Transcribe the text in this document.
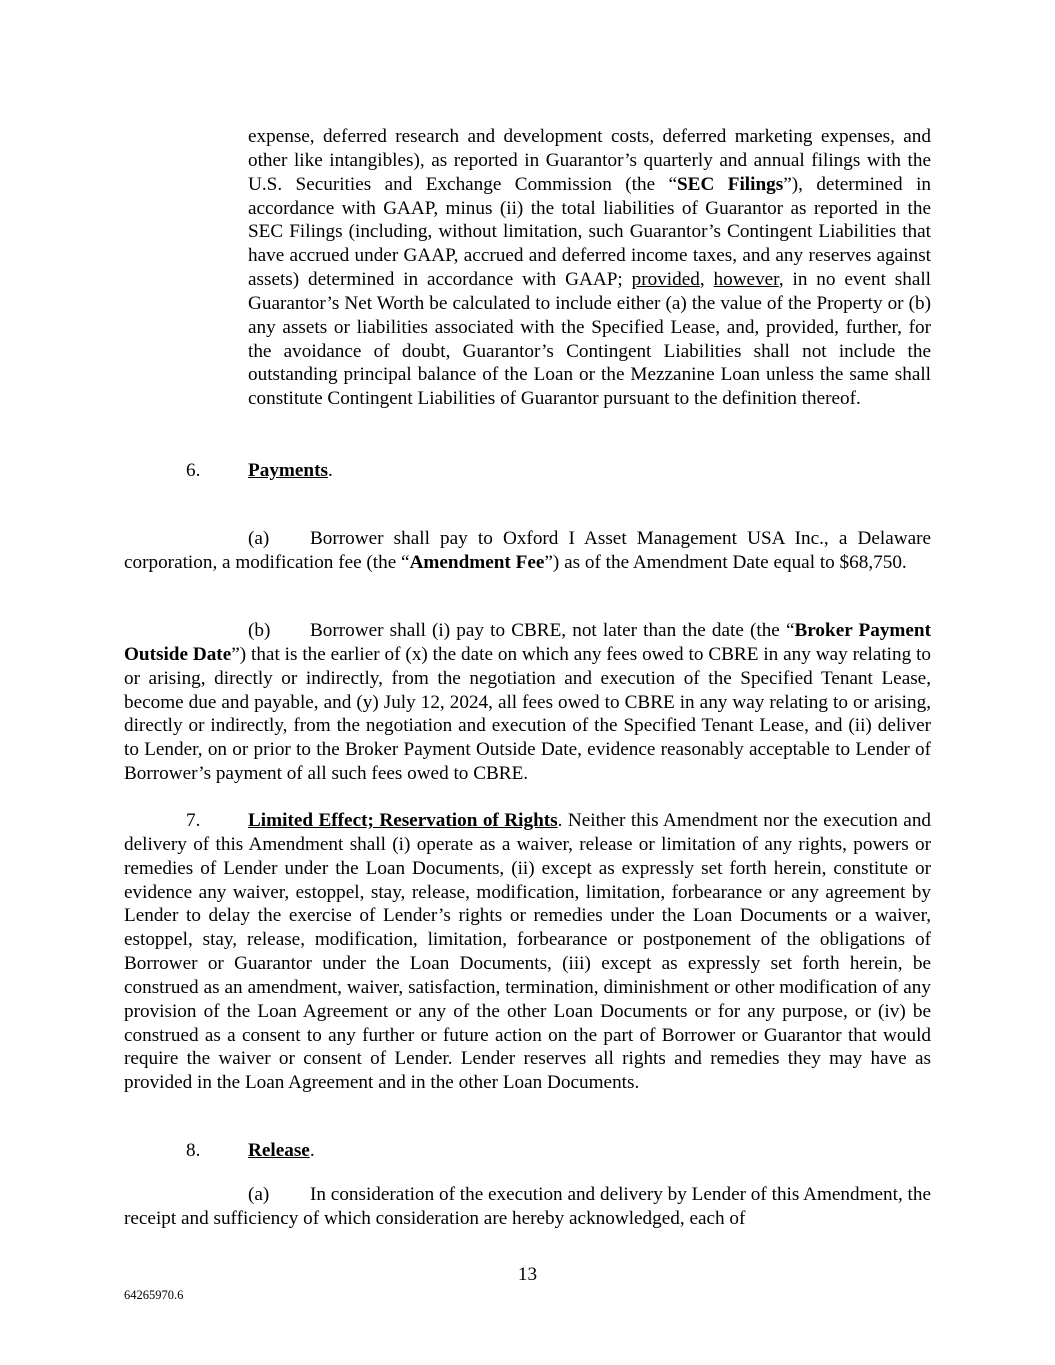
expense, deferred research and development costs, deferred marketing expenses, and other like intangibles), as reported in Guarantor’s quarterly and annual filings with the U.S. Securities and Exchange Commission (the “SEC Filings”), determined in accordance with GAAP, minus (ii) the total liabilities of Guarantor as reported in the SEC Filings (including, without limitation, such Guarantor’s Contingent Liabilities that have accrued under GAAP, accrued and deferred income taxes, and any reserves against assets) determined in accordance with GAAP; provided, however, in no event shall Guarantor’s Net Worth be calculated to include either (a) the value of the Property or (b) any assets or liabilities associated with the Specified Lease, and, provided, further, for the avoidance of doubt, Guarantor’s Contingent Liabilities shall not include the outstanding principal balance of the Loan or the Mezzanine Loan unless the same shall constitute Contingent Liabilities of Guarantor pursuant to the definition thereof.

6. Payments.

(a) Borrower shall pay to Oxford I Asset Management USA Inc., a Delaware corporation, a modification fee (the “Amendment Fee”) as of the Amendment Date equal to $68,750.

(b) Borrower shall (i) pay to CBRE, not later than the date (the “Broker Payment Outside Date”) that is the earlier of (x) the date on which any fees owed to CBRE in any way relating to or arising, directly or indirectly, from the negotiation and execution of the Specified Tenant Lease, become due and payable, and (y) July 12, 2024, all fees owed to CBRE in any way relating to or arising, directly or indirectly, from the negotiation and execution of the Specified Tenant Lease, and (ii) deliver to Lender, on or prior to the Broker Payment Outside Date, evidence reasonably acceptable to Lender of Borrower’s payment of all such fees owed to CBRE.

7. Limited Effect; Reservation of Rights. Neither this Amendment nor the execution and delivery of this Amendment shall (i) operate as a waiver, release or limitation of any rights, powers or remedies of Lender under the Loan Documents, (ii) except as expressly set forth herein, constitute or evidence any waiver, estoppel, stay, release, modification, limitation, forbearance or any agreement by Lender to delay the exercise of Lender’s rights or remedies under the Loan Documents or a waiver, estoppel, stay, release, modification, limitation, forbearance or postponement of the obligations of Borrower or Guarantor under the Loan Documents, (iii) except as expressly set forth herein, be construed as an amendment, waiver, satisfaction, termination, diminishment or other modification of any provision of the Loan Agreement or any of the other Loan Documents or for any purpose, or (iv) be construed as a consent to any further or future action on the part of Borrower or Guarantor that would require the waiver or consent of Lender. Lender reserves all rights and remedies they may have as provided in the Loan Agreement and in the other Loan Documents.

8. Release.

(a) In consideration of the execution and delivery by Lender of this Amendment, the receipt and sufficiency of which consideration are hereby acknowledged, each of

13
64265970.6
